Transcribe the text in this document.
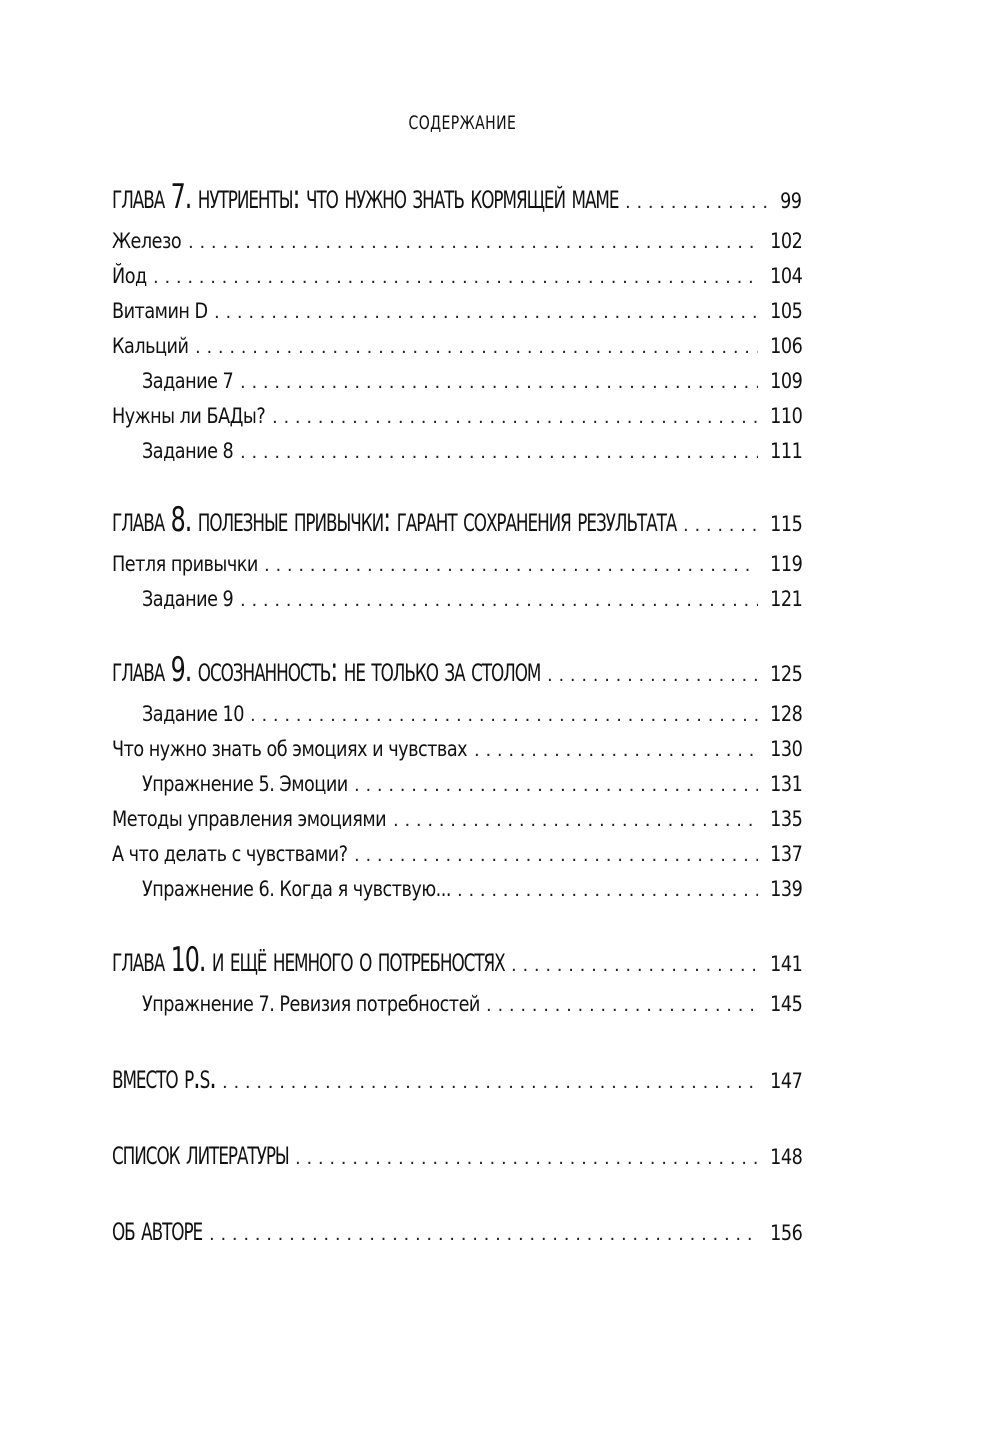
СОДЕРЖАНИЕ
глава 7. нутриенты: что нужно знать кормящей маме . . .	99
Железо . . .	102
Йод . . .	104
Витамин D . . .	105
Кальций . . .	106
Задание 7 . . .	109
Нужны ли БАДы? . . .	110
Задание 8 . . .	111
глава 8. полезные привычки: гарант сохранения результата . . .	115
Петля привычки . . .	119
Задание 9 . . .	121
глава 9. осознанность: не только за столом . . .	125
Задание 10 . . .	128
Что нужно знать об эмоциях и чувствах . . .	130
Упражнение 5. Эмоции . . .	131
Методы управления эмоциями . . .	135
А что делать с чувствами? . . .	137
Упражнение 6. Когда я чувствую... . . .	139
глава 10. и ещё немного о потребностях . . .	141
Упражнение 7. Ревизия потребностей . . .	145
вместо p.s. . . .	147
список литературы . . .	148
об авторе . . .	156
